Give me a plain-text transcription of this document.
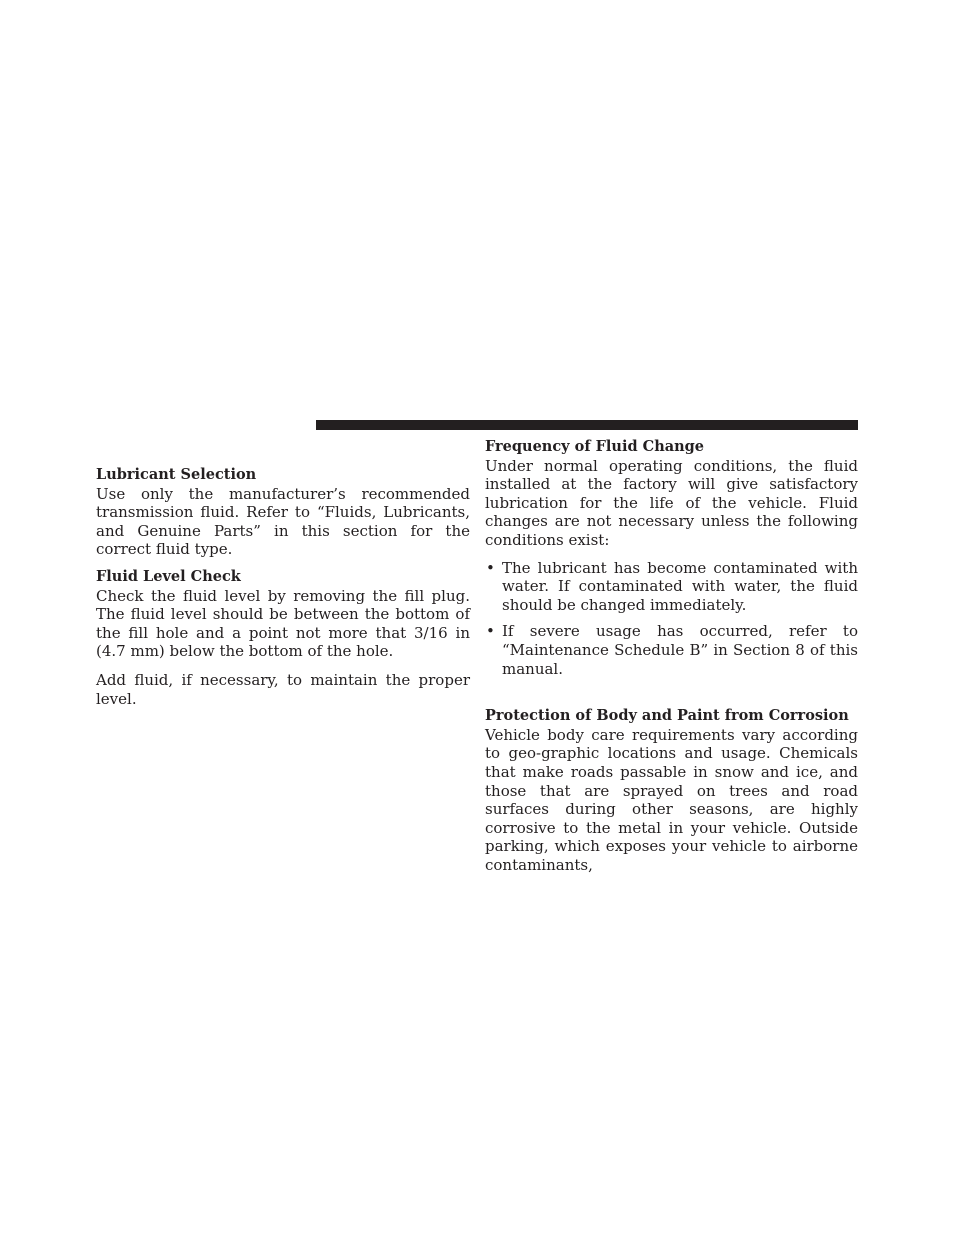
Lubricant Selection

Use only the manufacturer’s recommended transmission fluid. Refer to “Fluids, Lubricants, and Genuine Parts” in this section for the correct fluid type.

Fluid Level Check

Check the fluid level by removing the fill plug. The fluid level should be between the bottom of the fill hole and a point not more that 3/16 in (4.7 mm) below the bottom of the hole.

Add fluid, if necessary, to maintain the proper level.

Frequency of Fluid Change

Under normal operating conditions, the fluid installed at the factory will give satisfactory lubrication for the life of the vehicle. Fluid changes are not necessary unless the following conditions exist:

• The lubricant has become contaminated with water. If contaminated with water, the fluid should be changed immediately.
• If severe usage has occurred, refer to “Maintenance Schedule B” in Section 8 of this manual.
Protection of Body and Paint from Corrosion

Vehicle body care requirements vary according to geo-graphic locations and usage. Chemicals that make roads passable in snow and ice, and those that are sprayed on trees and road surfaces during other seasons, are highly corrosive to the metal in your vehicle. Outside parking, which exposes your vehicle to airborne contaminants,
